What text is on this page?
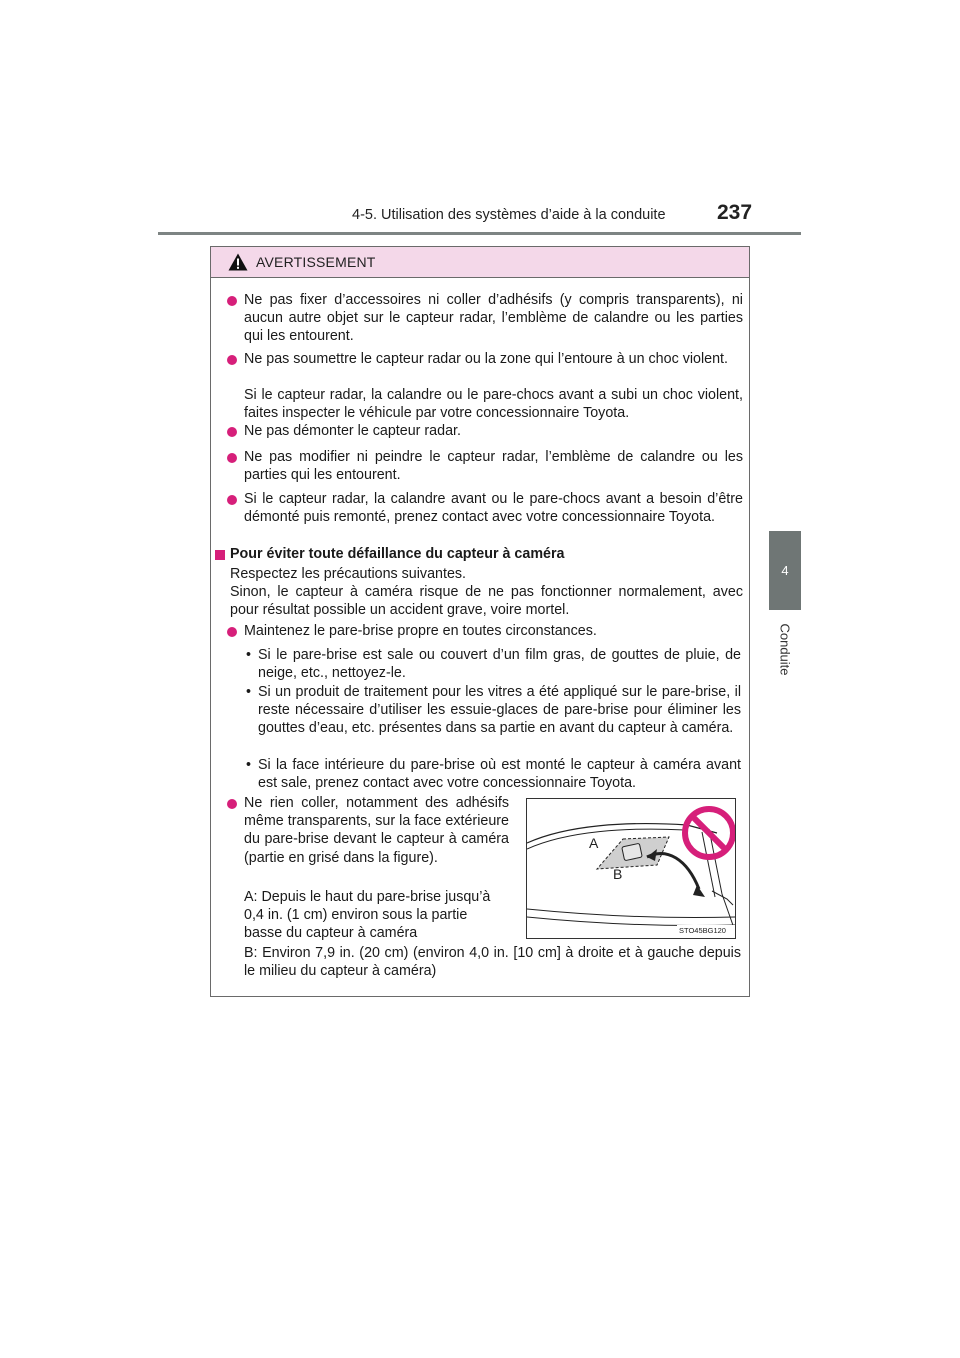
4-5. Utilisation des systèmes d’aide à la conduite 237
4
Conduite
AVERTISSEMENT
Ne pas fixer d’accessoires ni coller d’adhésifs (y compris transparents), ni aucun autre objet sur le capteur radar, l’emblème de calandre ou les parties qui les entourent.
Ne pas soumettre le capteur radar ou la zone qui l’entoure à un choc violent.
Si le capteur radar, la calandre ou le pare-chocs avant a subi un choc violent, faites inspecter le véhicule par votre concessionnaire Toyota.
Ne pas démonter le capteur radar.
Ne pas modifier ni peindre le capteur radar, l’emblème de calandre ou les parties qui les entourent.
Si le capteur radar, la calandre avant ou le pare-chocs avant a besoin d’être démonté puis remonté, prenez contact avec votre concessionnaire Toyota.
Pour éviter toute défaillance du capteur à caméra
Respectez les précautions suivantes.
Sinon, le capteur à caméra risque de ne pas fonctionner normalement, avec pour résultat possible un accident grave, voire mortel.
Maintenez le pare-brise propre en toutes circonstances.
• Si le pare-brise est sale ou couvert d’un film gras, de gouttes de pluie, de neige, etc., nettoyez-le.
• Si un produit de traitement pour les vitres a été appliqué sur le pare-brise, il reste nécessaire d’utiliser les essuie-glaces de pare-brise pour éliminer les gouttes d’eau, etc. présentes dans sa partie en avant du capteur à caméra.
• Si la face intérieure du pare-brise où est monté le capteur à caméra avant est sale, prenez contact avec votre concessionnaire Toyota.
Ne rien coller, notamment des adhésifs même transparents, sur la face extérieure du pare-brise devant le capteur à caméra (partie en grisé dans la figure).
A: Depuis le haut du pare-brise jusqu’à 0,4 in. (1 cm) environ sous la partie basse du capteur à caméra
B: Environ 7,9 in. (20 cm) (environ 4,0 in. [10 cm] à droite et à gauche depuis le milieu du capteur à caméra)
A
B
STO45BG120
